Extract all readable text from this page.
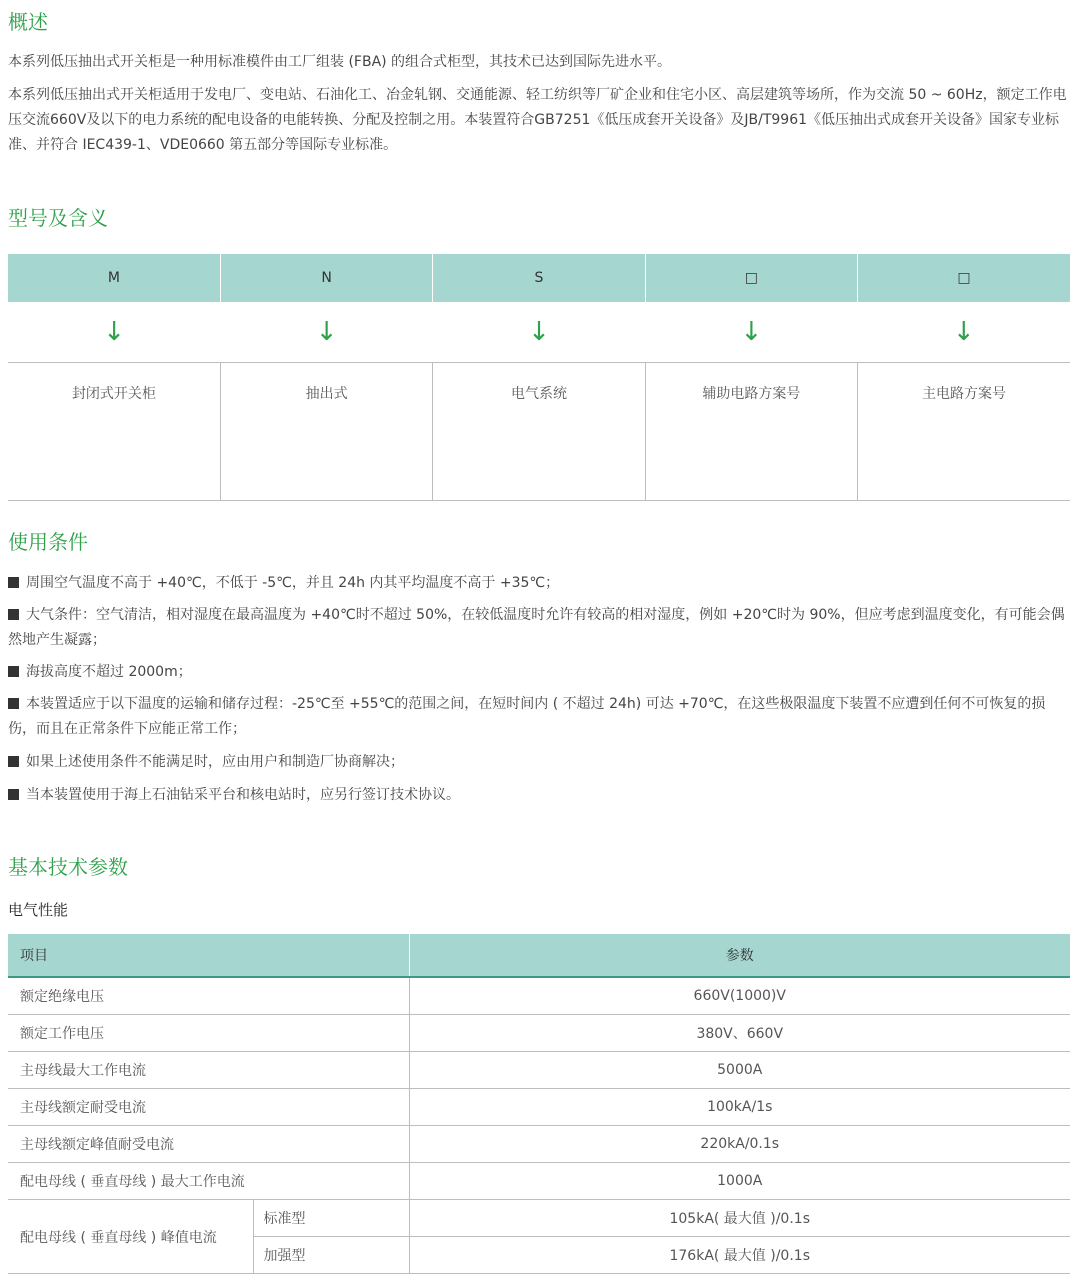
概述

本系列低压抽出式开关柜是一种用标准模件由工厂组装 (FBA) 的组合式柜型，其技术已达到国际先进水平。

本系列低压抽出式开关柜适用于发电厂、变电站、石油化工、冶金轧钢、交通能源、轻工纺织等厂矿企业和住宅小区、高层建筑等场所，作为交流 50 ~ 60Hz，额定工作电压交流660V及以下的电力系统的配电设备的电能转换、分配及控制之用。本装置符合GB7251《低压成套开关设备》及JB/T9961《低压抽出式成套开关设备》国家专业标准、并符合 IEC439-1、VDE0660 第五部分等国际专业标准。

型号及含义
M	N	S	□	□
↓	↓	↓	↓	↓
封闭式开关柜	抽出式	电气系统	辅助电路方案号	主电路方案号
使用条件

周围空气温度不高于 +40℃，不低于 -5℃，并且 24h 内其平均温度不高于 +35℃；

大气条件：空气清洁，相对湿度在最高温度为 +40℃时不超过 50%，在较低温度时允许有较高的相对湿度，例如 +20℃时为 90%，但应考虑到温度变化，有可能会偶然地产生凝露；

海拔高度不超过 2000m；

本装置适应于以下温度的运输和储存过程：-25℃至 +55℃的范围之间，在短时间内 ( 不超过 24h) 可达 +70℃，在这些极限温度下装置不应遭到任何不可恢复的损伤，而且在正常条件下应能正常工作；

如果上述使用条件不能满足时，应由用户和制造厂协商解决；

当本装置使用于海上石油钻采平台和核电站时，应另行签订技术协议。

基本技术参数

电气性能

项目		参数
额定绝缘电压		660V(1000)V
额定工作电压		380V、660V
主母线最大工作电流		5000A
主母线额定耐受电流		100kA/1s
主母线额定峰值耐受电流		220kA/0.1s
配电母线 ( 垂直母线 ) 最大工作电流		1000A
配电母线 ( 垂直母线 ) 峰值电流	标准型	105kA( 最大值 )/0.1s
	加强型	176kA( 最大值 )/0.1s
